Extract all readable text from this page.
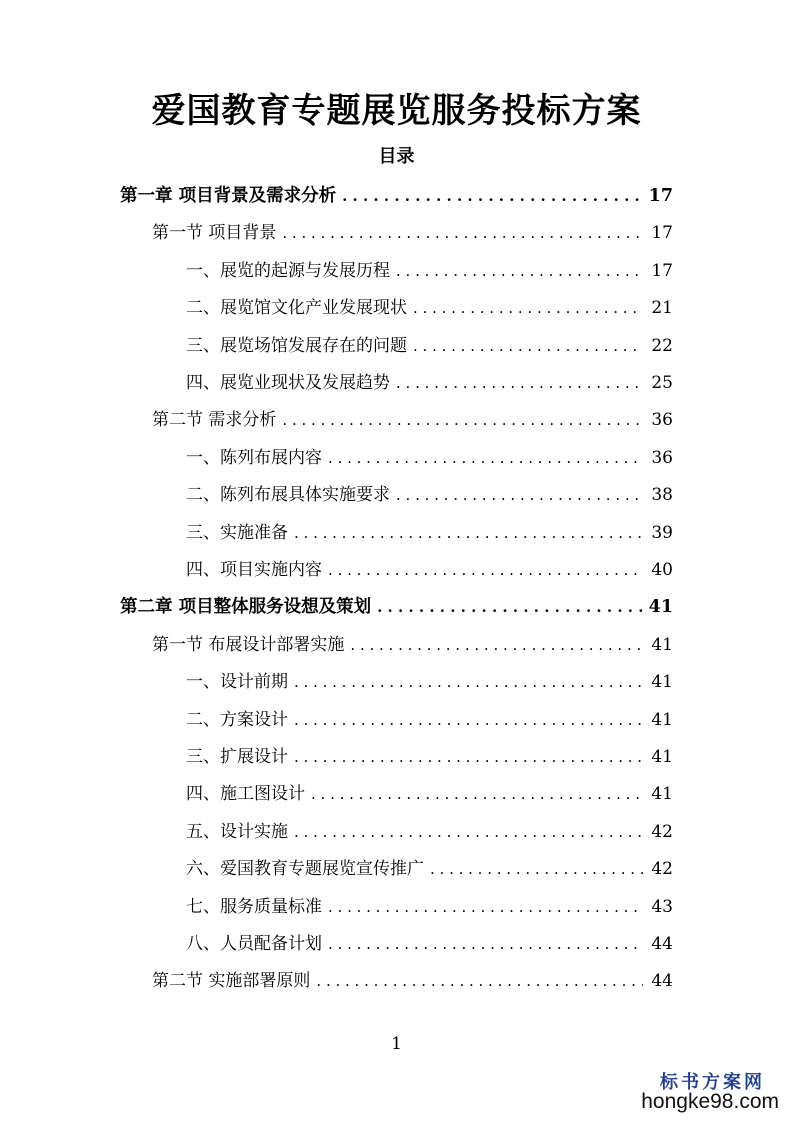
爱国教育专题展览服务投标方案
目录
第一章 项目背景及需求分析 . . .	17
第一节 项目背景 . . .	17
一、展览的起源与发展历程 . . .	17
二、展览馆文化产业发展现状 . . .	21
三、展览场馆发展存在的问题 . . .	22
四、展览业现状及发展趋势 . . .	25
第二节 需求分析 . . .	36
一、陈列布展内容 . . .	36
二、陈列布展具体实施要求 . . .	38
三、实施准备 . . .	39
四、项目实施内容 . . .	40
第二章 项目整体服务设想及策划 . . .	41
第一节 布展设计部署实施 . . .	41
一、设计前期 . . .	41
二、方案设计 . . .	41
三、扩展设计 . . .	41
四、施工图设计 . . .	41
五、设计实施 . . .	42
六、爱国教育专题展览宣传推广 . . .	42
七、服务质量标准 . . .	43
八、人员配备计划 . . .	44
第二节 实施部署原则 . . .	44
1
标书方案网
hongke98.com
